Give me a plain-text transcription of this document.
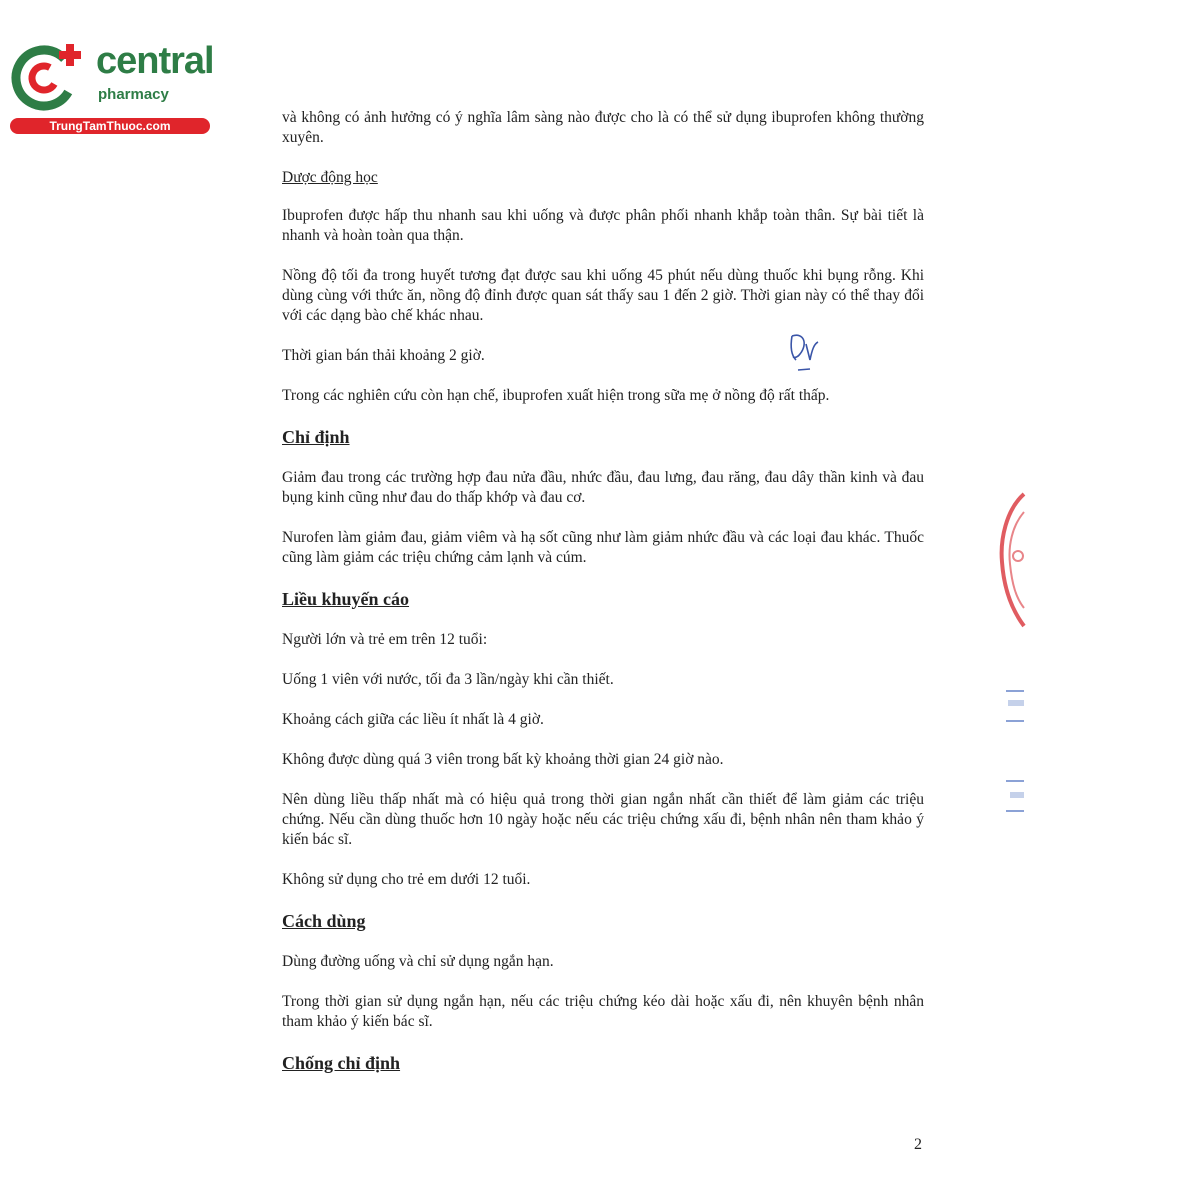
central
pharmacy
TrungTamThuoc.com	và không có ảnh hưởng có ý nghĩa lâm sàng nào được cho là có thể sử dụng ibuprofen không thường xuyên.

Dược động học

Ibuprofen được hấp thu nhanh sau khi uống và được phân phối nhanh khắp toàn thân. Sự bài tiết là nhanh và hoàn toàn qua thận.

Nồng độ tối đa trong huyết tương đạt được sau khi uống 45 phút nếu dùng thuốc khi bụng rỗng. Khi dùng cùng với thức ăn, nồng độ đỉnh được quan sát thấy sau 1 đến 2 giờ. Thời gian này có thể thay đổi với các dạng bào chế khác nhau.

Thời gian bán thải khoảng 2 giờ.

Trong các nghiên cứu còn hạn chế, ibuprofen xuất hiện trong sữa mẹ ở nồng độ rất thấp.

Chỉ định

Giảm đau trong các trường hợp đau nửa đầu, nhức đầu, đau lưng, đau răng, đau dây thần kinh và đau bụng kinh cũng như đau do thấp khớp và đau cơ.

Nurofen làm giảm đau, giảm viêm và hạ sốt cũng như làm giảm nhức đầu và các loại đau khác. Thuốc cũng làm giảm các triệu chứng cảm lạnh và cúm.

Liều khuyến cáo

Người lớn và trẻ em trên 12 tuổi:

Uống 1 viên với nước, tối đa 3 lần/ngày khi cần thiết.

Khoảng cách giữa các liều ít nhất là 4 giờ.

Không được dùng quá 3 viên trong bất kỳ khoảng thời gian 24 giờ nào.

Nên dùng liều thấp nhất mà có hiệu quả trong thời gian ngắn nhất cần thiết để làm giảm các triệu chứng. Nếu cần dùng thuốc hơn 10 ngày hoặc nếu các triệu chứng xấu đi, bệnh nhân nên tham khảo ý kiến bác sĩ.

Không sử dụng cho trẻ em dưới 12 tuổi.

Cách dùng

Dùng đường uống và chỉ sử dụng ngắn hạn.

Trong thời gian sử dụng ngắn hạn, nếu các triệu chứng kéo dài hoặc xấu đi, nên khuyên bệnh nhân tham khảo ý kiến bác sĩ.

Chống chỉ định
2
